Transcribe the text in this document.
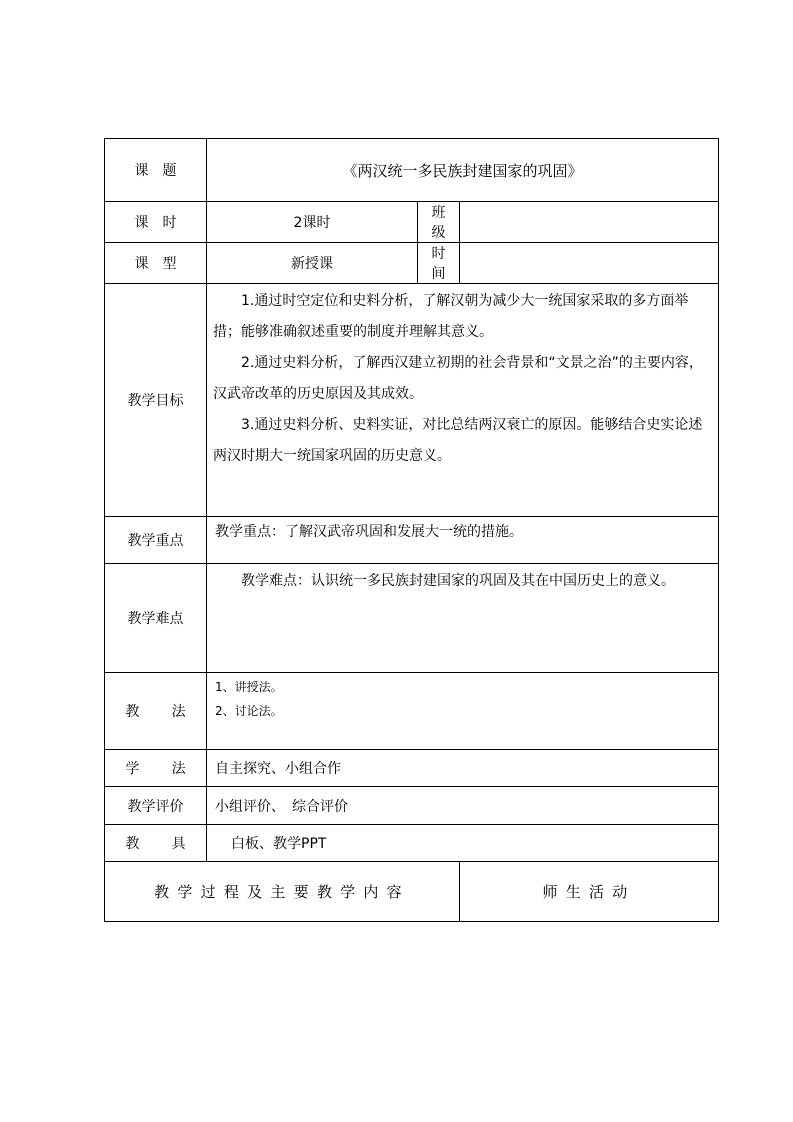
课　题	《两汉统一多民族封建国家的巩固》		
课　时	2课时	班　级	
课　型	新授课	时　间	
教学目标	1.通过时空定位和史料分析，了解汉朝为减少大一统国家采取的多方面举措；能够准确叙述重要的制度并理解其意义。

2.通过史料分析，了解西汉建立初期的社会背景和“文景之治”的主要内容，汉武帝改革的历史原因及其成效。

3.通过史料分析、史料实证，对比总结两汉衰亡的原因。能够结合史实论述两汉时期大一统国家巩固的历史意义。		

教学重点	教学重点：了解汉武帝巩固和发展大一统的措施。		
教学难点	教学难点：认识统一多民族封建国家的巩固及其在中国历史上的意义。		

教 法	1、讲授法。
2、讨论法。		

学 法	自主探究、小组合作		
教学评价	小组评价、　综合评价		
教 具	白板、教学PPT		
教学过程及主要教学内容			师生活动
